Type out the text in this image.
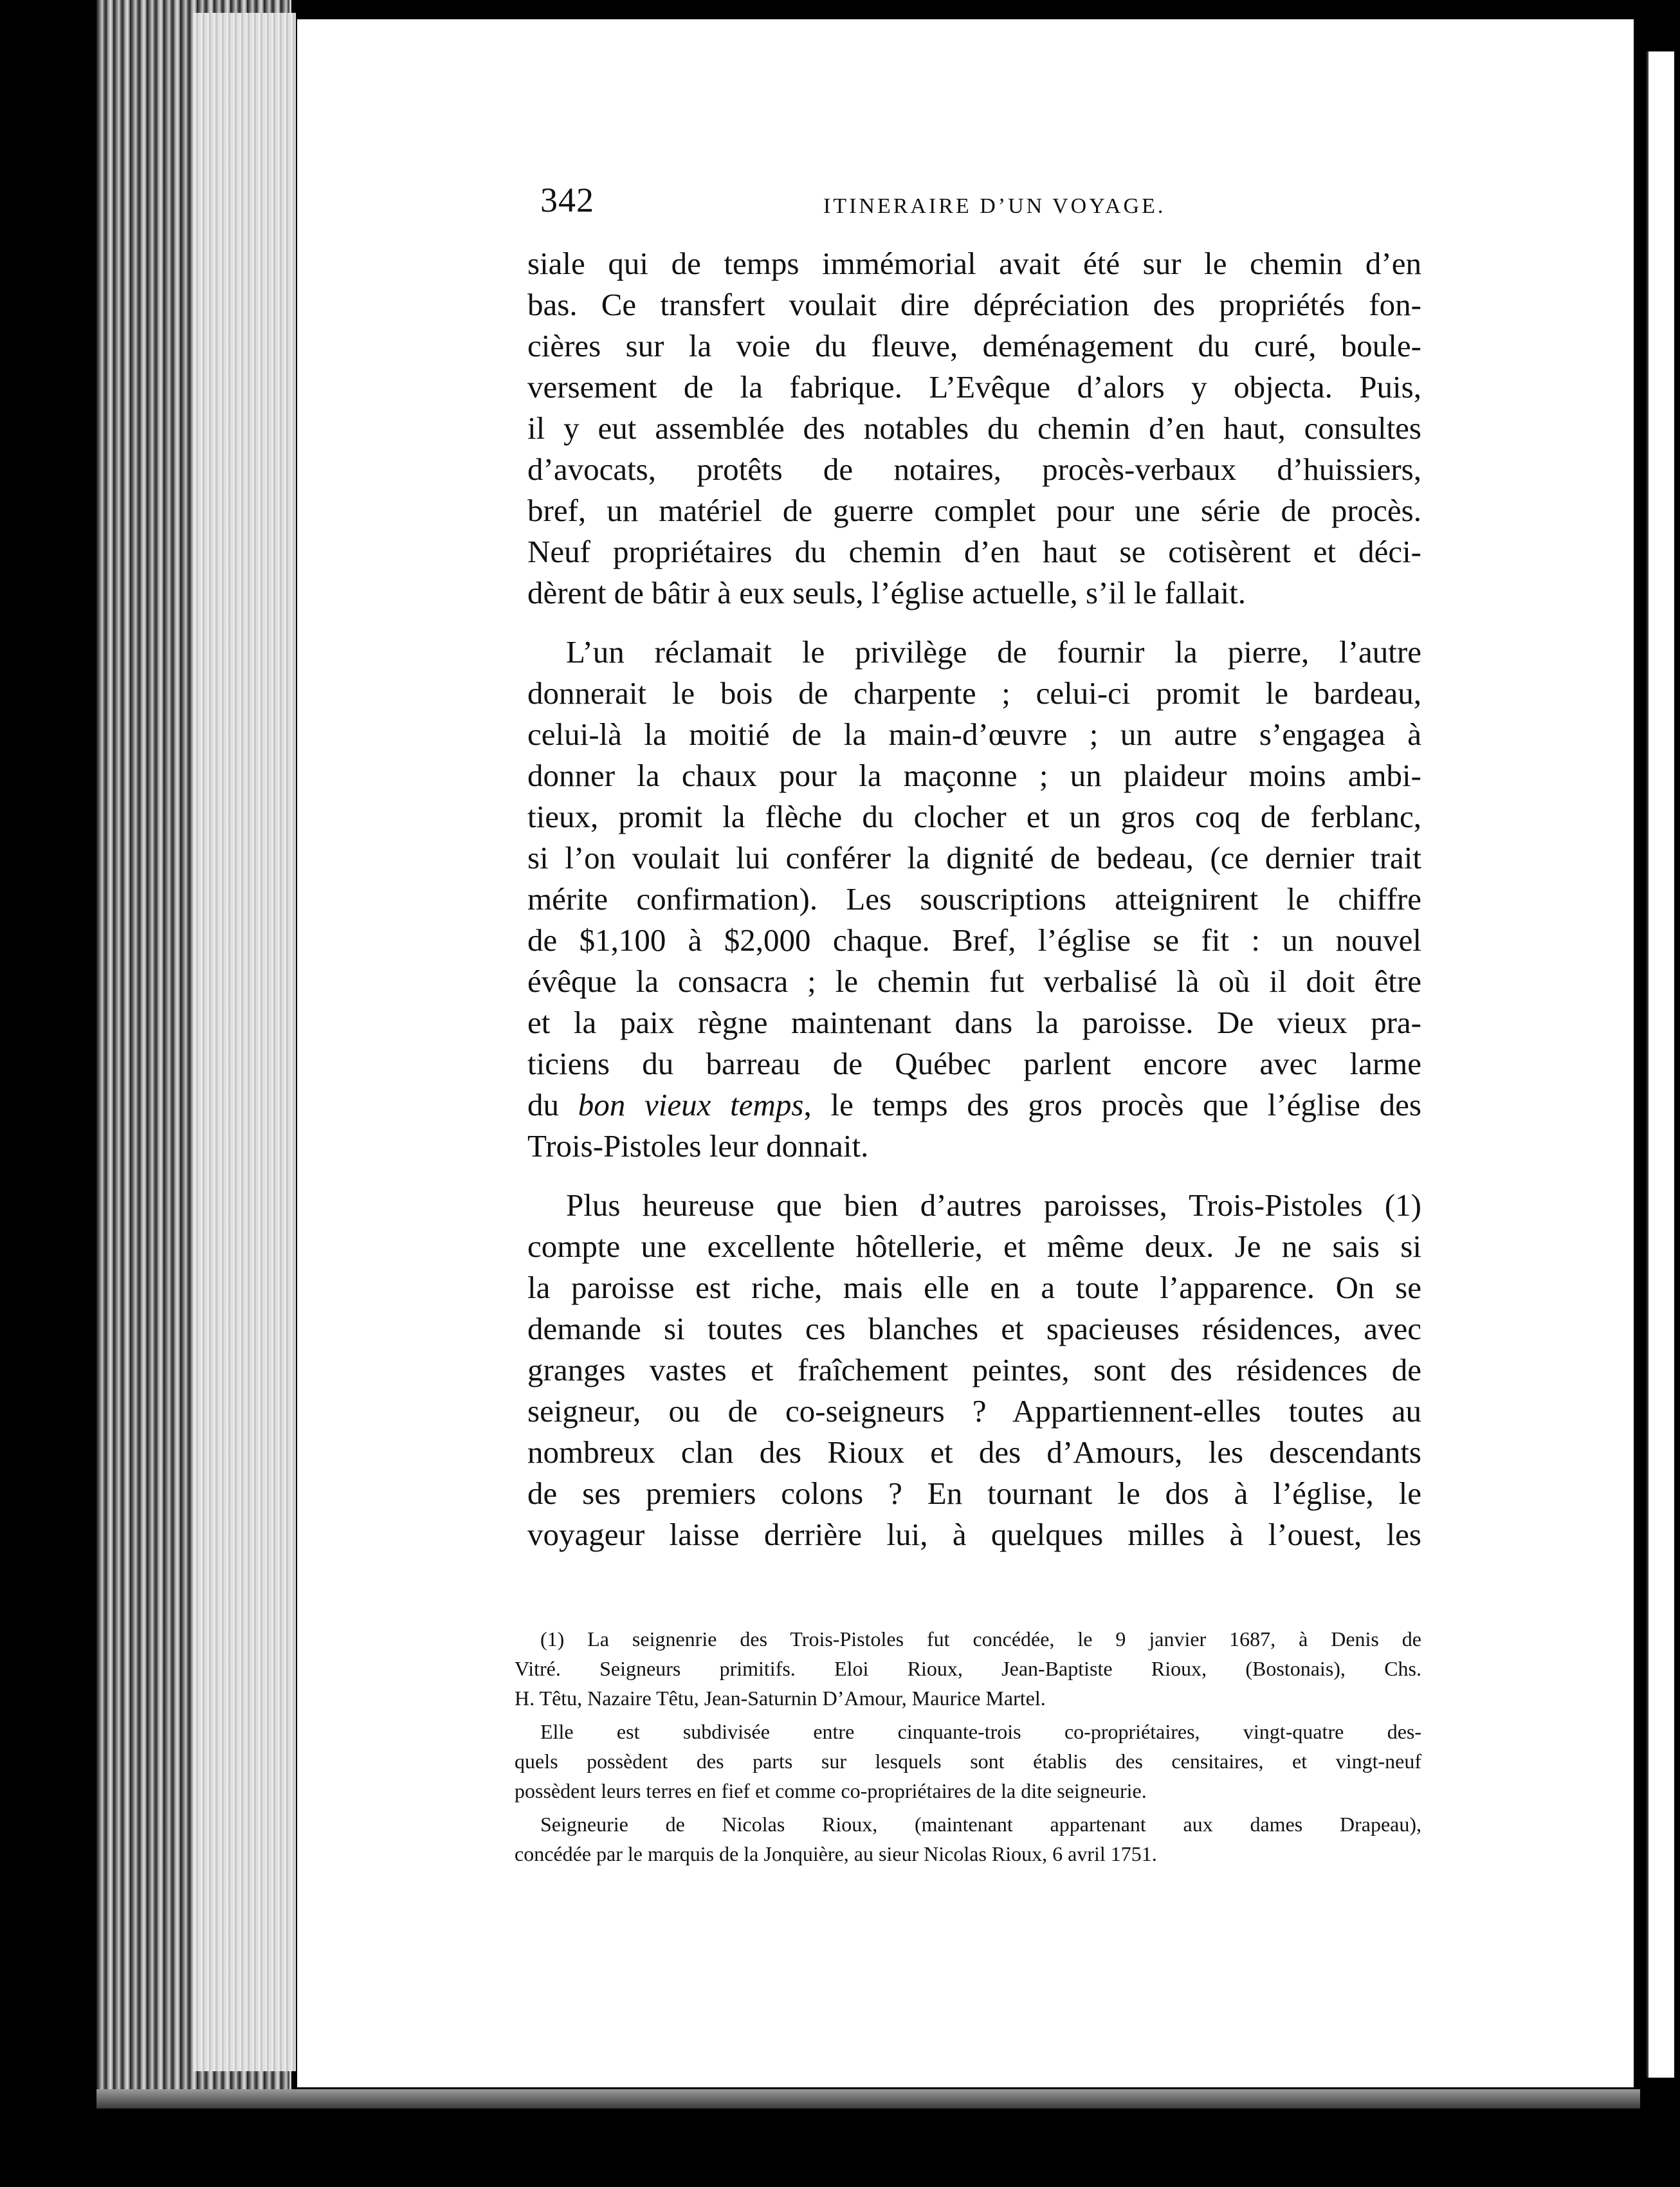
342	ITINERAIRE D’UN VOYAGE.
siale qui de temps immémorial avait été sur le chemin d’en
bas. Ce transfert voulait dire dépréciation des propriétés fon-
cières sur la voie du fleuve, deménagement du curé, boule-
versement de la fabrique. L’Evêque d’alors y objecta. Puis,
il y eut assemblée des notables du chemin d’en haut, consultes
d’avocats, protêts de notaires, procès-verbaux d’huissiers,
bref, un matériel de guerre complet pour une série de procès.
Neuf propriétaires du chemin d’en haut se cotisèrent et déci-
dèrent de bâtir à eux seuls, l’église actuelle, s’il le fallait.
L’un réclamait le privilège de fournir la pierre, l’autre
donnerait le bois de charpente ; celui-ci promit le bardeau,
celui-là la moitié de la main-d’œuvre ; un autre s’engagea à
donner la chaux pour la maçonne ; un plaideur moins ambi-
tieux, promit la flèche du clocher et un gros coq de ferblanc,
si l’on voulait lui conférer la dignité de bedeau, (ce dernier trait
mérite confirmation). Les souscriptions atteignirent le chiffre
de $1,100 à $2,000 chaque. Bref, l’église se fit : un nouvel
évêque la consacra ; le chemin fut verbalisé là où il doit être
et la paix règne maintenant dans la paroisse. De vieux pra-
ticiens du barreau de Québec parlent encore avec larme
du bon vieux temps, le temps des gros procès que l’église des
Trois-Pistoles leur donnait.
Plus heureuse que bien d’autres paroisses, Trois-Pistoles (1)
compte une excellente hôtellerie, et même deux. Je ne sais si
la paroisse est riche, mais elle en a toute l’apparence. On se
demande si toutes ces blanches et spacieuses résidences, avec
granges vastes et fraîchement peintes, sont des résidences de
seigneur, ou de co-seigneurs ? Appartiennent-elles toutes au
nombreux clan des Rioux et des d’Amours, les descendants
de ses premiers colons ? En tournant le dos à l’église, le
voyageur laisse derrière lui, à quelques milles à l’ouest, les
(1) La seignenrie des Trois-Pistoles fut concédée, le 9 janvier 1687, à Denis de
Vitré. Seigneurs primitifs. Eloi Rioux, Jean-Baptiste Rioux, (Bostonais), Chs.
H. Têtu, Nazaire Têtu, Jean-Saturnin D’Amour, Maurice Martel.
Elle est subdivisée entre cinquante-trois co-propriétaires, vingt-quatre des-
quels possèdent des parts sur lesquels sont établis des censitaires, et vingt-neuf
possèdent leurs terres en fief et comme co-propriétaires de la dite seigneurie.
Seigneurie de Nicolas Rioux, (maintenant appartenant aux dames Drapeau),
concédée par le marquis de la Jonquière, au sieur Nicolas Rioux, 6 avril 1751.
